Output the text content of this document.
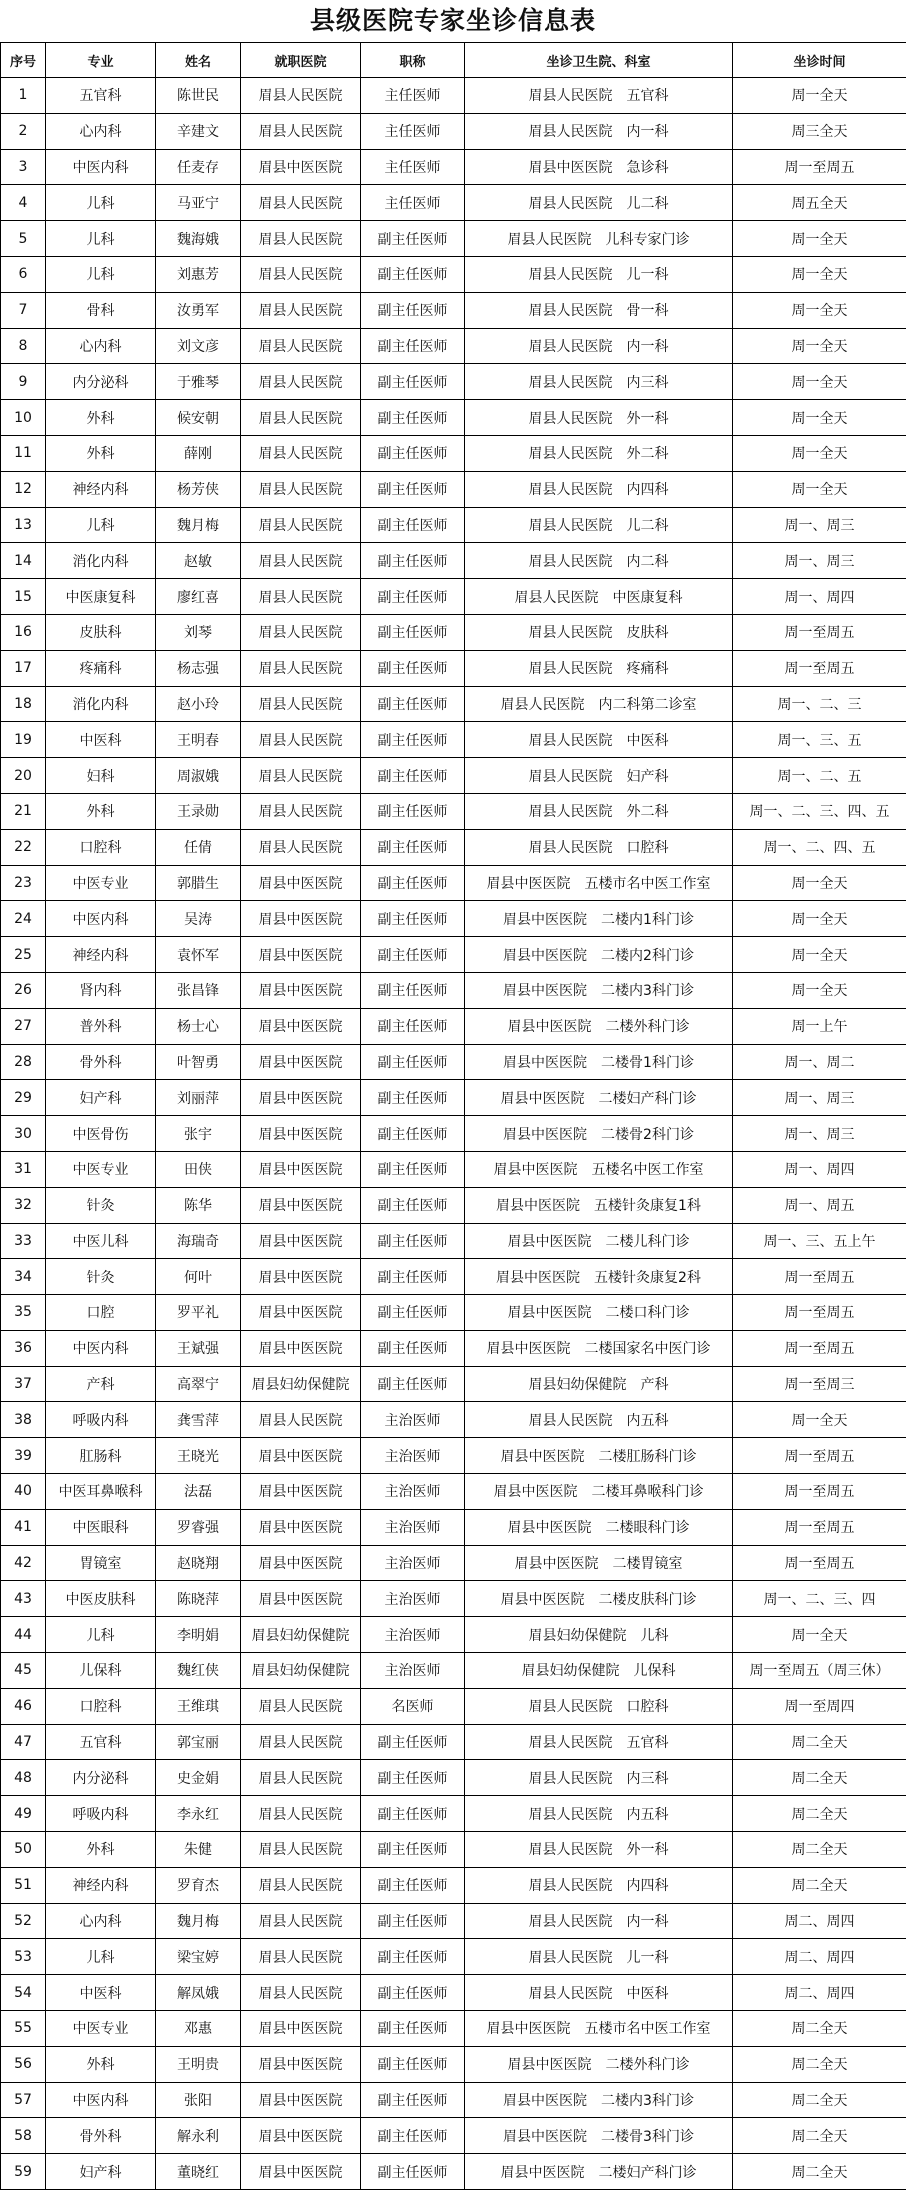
县级医院专家坐诊信息表
序号	专业	姓名	就职医院	职称	坐诊卫生院、科室	坐诊时间
1	五官科	陈世民	眉县人民医院	主任医师	眉县人民医院　五官科	周一全天
2	心内科	辛建文	眉县人民医院	主任医师	眉县人民医院　内一科	周三全天
3	中医内科	任麦存	眉县中医医院	主任医师	眉县中医医院　急诊科	周一至周五
4	儿科	马亚宁	眉县人民医院	主任医师	眉县人民医院　儿二科	周五全天
5	儿科	魏海娥	眉县人民医院	副主任医师	眉县人民医院　儿科专家门诊	周一全天
6	儿科	刘惠芳	眉县人民医院	副主任医师	眉县人民医院　儿一科	周一全天
7	骨科	汝勇军	眉县人民医院	副主任医师	眉县人民医院　骨一科	周一全天
8	心内科	刘文彦	眉县人民医院	副主任医师	眉县人民医院　内一科	周一全天
9	内分泌科	于雅琴	眉县人民医院	副主任医师	眉县人民医院　内三科	周一全天
10	外科	候安朝	眉县人民医院	副主任医师	眉县人民医院　外一科	周一全天
11	外科	薛刚	眉县人民医院	副主任医师	眉县人民医院　外二科	周一全天
12	神经内科	杨芳侠	眉县人民医院	副主任医师	眉县人民医院　内四科	周一全天
13	儿科	魏月梅	眉县人民医院	副主任医师	眉县人民医院　儿二科	周一、周三
14	消化内科	赵敏	眉县人民医院	副主任医师	眉县人民医院　内二科	周一、周三
15	中医康复科	廖红喜	眉县人民医院	副主任医师	眉县人民医院　中医康复科	周一、周四
16	皮肤科	刘琴	眉县人民医院	副主任医师	眉县人民医院　皮肤科	周一至周五
17	疼痛科	杨志强	眉县人民医院	副主任医师	眉县人民医院　疼痛科	周一至周五
18	消化内科	赵小玲	眉县人民医院	副主任医师	眉县人民医院　内二科第二诊室	周一、二、三
19	中医科	王明春	眉县人民医院	副主任医师	眉县人民医院　中医科	周一、三、五
20	妇科	周淑娥	眉县人民医院	副主任医师	眉县人民医院　妇产科	周一、二、五
21	外科	王录勋	眉县人民医院	副主任医师	眉县人民医院　外二科	周一、二、三、四、五
22	口腔科	任倩	眉县人民医院	副主任医师	眉县人民医院　口腔科	周一、二、四、五
23	中医专业	郭腊生	眉县中医医院	副主任医师	眉县中医医院　五楼市名中医工作室	周一全天
24	中医内科	吴涛	眉县中医医院	副主任医师	眉县中医医院　二楼内1科门诊	周一全天
25	神经内科	袁怀军	眉县中医医院	副主任医师	眉县中医医院　二楼内2科门诊	周一全天
26	肾内科	张昌锋	眉县中医医院	副主任医师	眉县中医医院　二楼内3科门诊	周一全天
27	普外科	杨士心	眉县中医医院	副主任医师	眉县中医医院　二楼外科门诊	周一上午
28	骨外科	叶智勇	眉县中医医院	副主任医师	眉县中医医院　二楼骨1科门诊	周一、周二
29	妇产科	刘丽萍	眉县中医医院	副主任医师	眉县中医医院　二楼妇产科门诊	周一、周三
30	中医骨伤	张宇	眉县中医医院	副主任医师	眉县中医医院　二楼骨2科门诊	周一、周三
31	中医专业	田侠	眉县中医医院	副主任医师	眉县中医医院　五楼名中医工作室	周一、周四
32	针灸	陈华	眉县中医医院	副主任医师	眉县中医医院　五楼针灸康复1科	周一、周五
33	中医儿科	海瑞奇	眉县中医医院	副主任医师	眉县中医医院　二楼儿科门诊	周一、三、五上午
34	针灸	何叶	眉县中医医院	副主任医师	眉县中医医院　五楼针灸康复2科	周一至周五
35	口腔	罗平礼	眉县中医医院	副主任医师	眉县中医医院　二楼口科门诊	周一至周五
36	中医内科	王斌强	眉县中医医院	副主任医师	眉县中医医院　二楼国家名中医门诊	周一至周五
37	产科	高翠宁	眉县妇幼保健院	副主任医师	眉县妇幼保健院　产科	周一至周三
38	呼吸内科	龚雪萍	眉县人民医院	主治医师	眉县人民医院　内五科	周一全天
39	肛肠科	王晓光	眉县中医医院	主治医师	眉县中医医院　二楼肛肠科门诊	周一至周五
40	中医耳鼻喉科	法磊	眉县中医医院	主治医师	眉县中医医院　二楼耳鼻喉科门诊	周一至周五
41	中医眼科	罗睿强	眉县中医医院	主治医师	眉县中医医院　二楼眼科门诊	周一至周五
42	胃镜室	赵晓翔	眉县中医医院	主治医师	眉县中医医院　二楼胃镜室	周一至周五
43	中医皮肤科	陈晓萍	眉县中医医院	主治医师	眉县中医医院　二楼皮肤科门诊	周一、二、三、四
44	儿科	李明娟	眉县妇幼保健院	主治医师	眉县妇幼保健院　儿科	周一全天
45	儿保科	魏红侠	眉县妇幼保健院	主治医师	眉县妇幼保健院　儿保科	周一至周五（周三休）
46	口腔科	王维琪	眉县人民医院	名医师	眉县人民医院　口腔科	周一至周四
47	五官科	郭宝丽	眉县人民医院	副主任医师	眉县人民医院　五官科	周二全天
48	内分泌科	史金娟	眉县人民医院	副主任医师	眉县人民医院　内三科	周二全天
49	呼吸内科	李永红	眉县人民医院	副主任医师	眉县人民医院　内五科	周二全天
50	外科	朱健	眉县人民医院	副主任医师	眉县人民医院　外一科	周二全天
51	神经内科	罗育杰	眉县人民医院	副主任医师	眉县人民医院　内四科	周二全天
52	心内科	魏月梅	眉县人民医院	副主任医师	眉县人民医院　内一科	周二、周四
53	儿科	梁宝婷	眉县人民医院	副主任医师	眉县人民医院　儿一科	周二、周四
54	中医科	解凤娥	眉县人民医院	副主任医师	眉县人民医院　中医科	周二、周四
55	中医专业	邓惠	眉县中医医院	副主任医师	眉县中医医院　五楼市名中医工作室	周二全天
56	外科	王明贵	眉县中医医院	副主任医师	眉县中医医院　二楼外科门诊	周二全天
57	中医内科	张阳	眉县中医医院	副主任医师	眉县中医医院　二楼内3科门诊	周二全天
58	骨外科	解永利	眉县中医医院	副主任医师	眉县中医医院　二楼骨3科门诊	周二全天
59	妇产科	董晓红	眉县中医医院	副主任医师	眉县中医医院　二楼妇产科门诊	周二全天
